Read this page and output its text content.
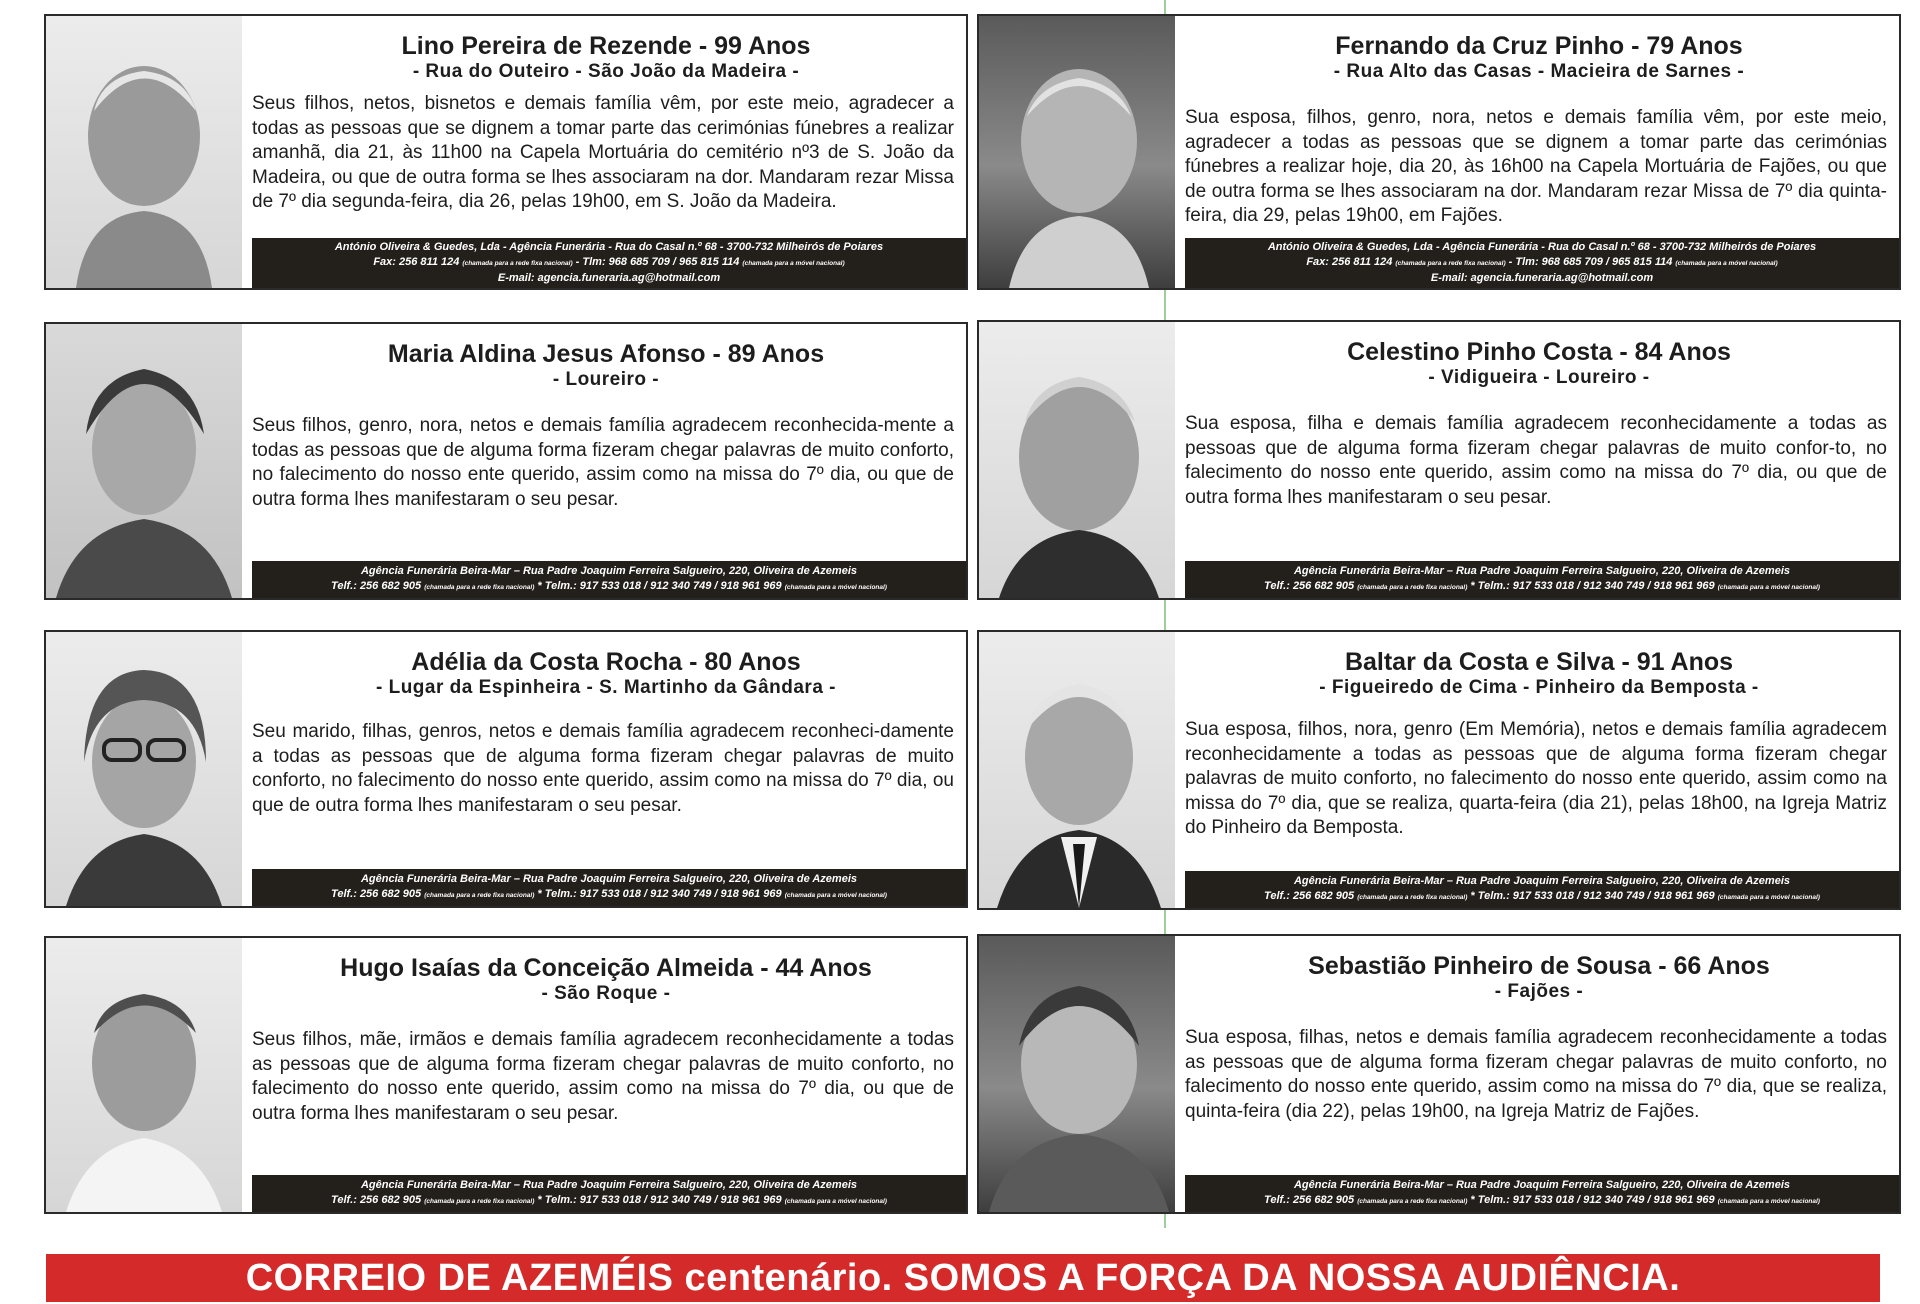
Lino Pereira de Rezende - 99 Anos
- Rua do Outeiro - São João da Madeira -
Seus filhos, netos, bisnetos e demais família vêm, por este meio, agradecer a todas as pessoas que se dignem a tomar parte das cerimónias fúnebres a realizar amanhã, dia 21, às 11h00 na Capela Mortuária do cemitério nº3 de S. João da Madeira, ou que de outra forma se lhes associaram na dor. Mandaram rezar Missa de 7º dia segunda-feira, dia 26, pelas 19h00, em S. João da Madeira.
António Oliveira & Guedes, Lda - Agência Funerária - Rua do Casal n.º 68 - 3700-732 Milheirós de Poiares
Fax: 256 811 124 (chamada para a rede fixa nacional) - Tlm: 968 685 709 / 965 815 114 (chamada para a móvel nacional)
E-mail: agencia.funeraria.ag@hotmail.com
Fernando da Cruz Pinho - 79 Anos
- Rua Alto das Casas - Macieira de Sarnes -
Sua esposa, filhos, genro, nora, netos e demais família vêm, por este meio, agradecer a todas as pessoas que se dignem a tomar parte das cerimónias fúnebres a realizar hoje, dia 20, às 16h00 na Capela Mortuária de Fajões, ou que de outra forma se lhes associaram na dor. Mandaram rezar Missa de 7º dia quinta-feira, dia 29, pelas 19h00, em Fajões.
António Oliveira & Guedes, Lda - Agência Funerária - Rua do Casal n.º 68 - 3700-732 Milheirós de Poiares
Fax: 256 811 124 (chamada para a rede fixa nacional) - Tlm: 968 685 709 / 965 815 114 (chamada para a móvel nacional)
E-mail: agencia.funeraria.ag@hotmail.com
Maria Aldina Jesus Afonso - 89 Anos
- Loureiro -
Seus filhos, genro, nora, netos e demais família agradecem reconhecida-mente a todas as pessoas que de alguma forma fizeram chegar palavras de muito conforto, no falecimento do nosso ente querido, assim como na missa do 7º dia, ou que de outra forma lhes manifestaram o seu pesar.
Agência Funerária Beira-Mar – Rua Padre Joaquim Ferreira Salgueiro, 220, Oliveira de Azemeis
Telf.: 256 682 905 (chamada para a rede fixa nacional) * Telm.: 917 533 018 / 912 340 749 / 918 961 969 (chamada para a móvel nacional)
Celestino Pinho Costa - 84 Anos
- Vidigueira - Loureiro -
Sua esposa, filha e demais família agradecem reconhecidamente a todas as pessoas que de alguma forma fizeram chegar palavras de muito confor-to, no falecimento do nosso ente querido, assim como na missa do 7º dia, ou que de outra forma lhes manifestaram o seu pesar.
Agência Funerária Beira-Mar – Rua Padre Joaquim Ferreira Salgueiro, 220, Oliveira de Azemeis
Telf.: 256 682 905 (chamada para a rede fixa nacional) * Telm.: 917 533 018 / 912 340 749 / 918 961 969 (chamada para a móvel nacional)
Adélia da Costa Rocha - 80 Anos
- Lugar da Espinheira - S. Martinho da Gândara -
Seu marido, filhas, genros, netos e demais família agradecem reconheci-damente a todas as pessoas que de alguma forma fizeram chegar palavras de muito conforto, no falecimento do nosso ente querido, assim como na missa do 7º dia, ou que de outra forma lhes manifestaram o seu pesar.
Agência Funerária Beira-Mar – Rua Padre Joaquim Ferreira Salgueiro, 220, Oliveira de Azemeis
Telf.: 256 682 905 (chamada para a rede fixa nacional) * Telm.: 917 533 018 / 912 340 749 / 918 961 969 (chamada para a móvel nacional)
Baltar da Costa e Silva - 91 Anos
- Figueiredo de Cima - Pinheiro da Bemposta -
Sua esposa, filhos, nora, genro (Em Memória), netos e demais família agradecem reconhecidamente a todas as pessoas que de alguma forma fizeram chegar palavras de muito conforto, no falecimento do nosso ente querido, assim como na missa do 7º dia, que se realiza, quarta-feira (dia 21), pelas 18h00, na Igreja Matriz do Pinheiro da Bemposta.
Agência Funerária Beira-Mar – Rua Padre Joaquim Ferreira Salgueiro, 220, Oliveira de Azemeis
Telf.: 256 682 905 (chamada para a rede fixa nacional) * Telm.: 917 533 018 / 912 340 749 / 918 961 969 (chamada para a móvel nacional)
Hugo Isaías da Conceição Almeida - 44 Anos
- São Roque -
Seus filhos, mãe, irmãos e demais família agradecem reconhecidamente a todas as pessoas que de alguma forma fizeram chegar palavras de muito conforto, no falecimento do nosso ente querido, assim como na missa do 7º dia, ou que de outra forma lhes manifestaram o seu pesar.
Agência Funerária Beira-Mar – Rua Padre Joaquim Ferreira Salgueiro, 220, Oliveira de Azemeis
Telf.: 256 682 905 (chamada para a rede fixa nacional) * Telm.: 917 533 018 / 912 340 749 / 918 961 969 (chamada para a móvel nacional)
Sebastião Pinheiro de Sousa - 66 Anos
- Fajões -
Sua esposa, filhas, netos e demais família agradecem reconhecidamente a todas as pessoas que de alguma forma fizeram chegar palavras de muito conforto, no falecimento do nosso ente querido, assim como na missa do 7º dia, que se realiza, quinta-feira (dia 22), pelas 19h00, na Igreja Matriz de Fajões.
Agência Funerária Beira-Mar – Rua Padre Joaquim Ferreira Salgueiro, 220, Oliveira de Azemeis
Telf.: 256 682 905 (chamada para a rede fixa nacional) * Telm.: 917 533 018 / 912 340 749 / 918 961 969 (chamada para a móvel nacional)
CORREIO DE AZEMÉIS centenário. SOMOS A FORÇA DA NOSSA AUDIÊNCIA.
